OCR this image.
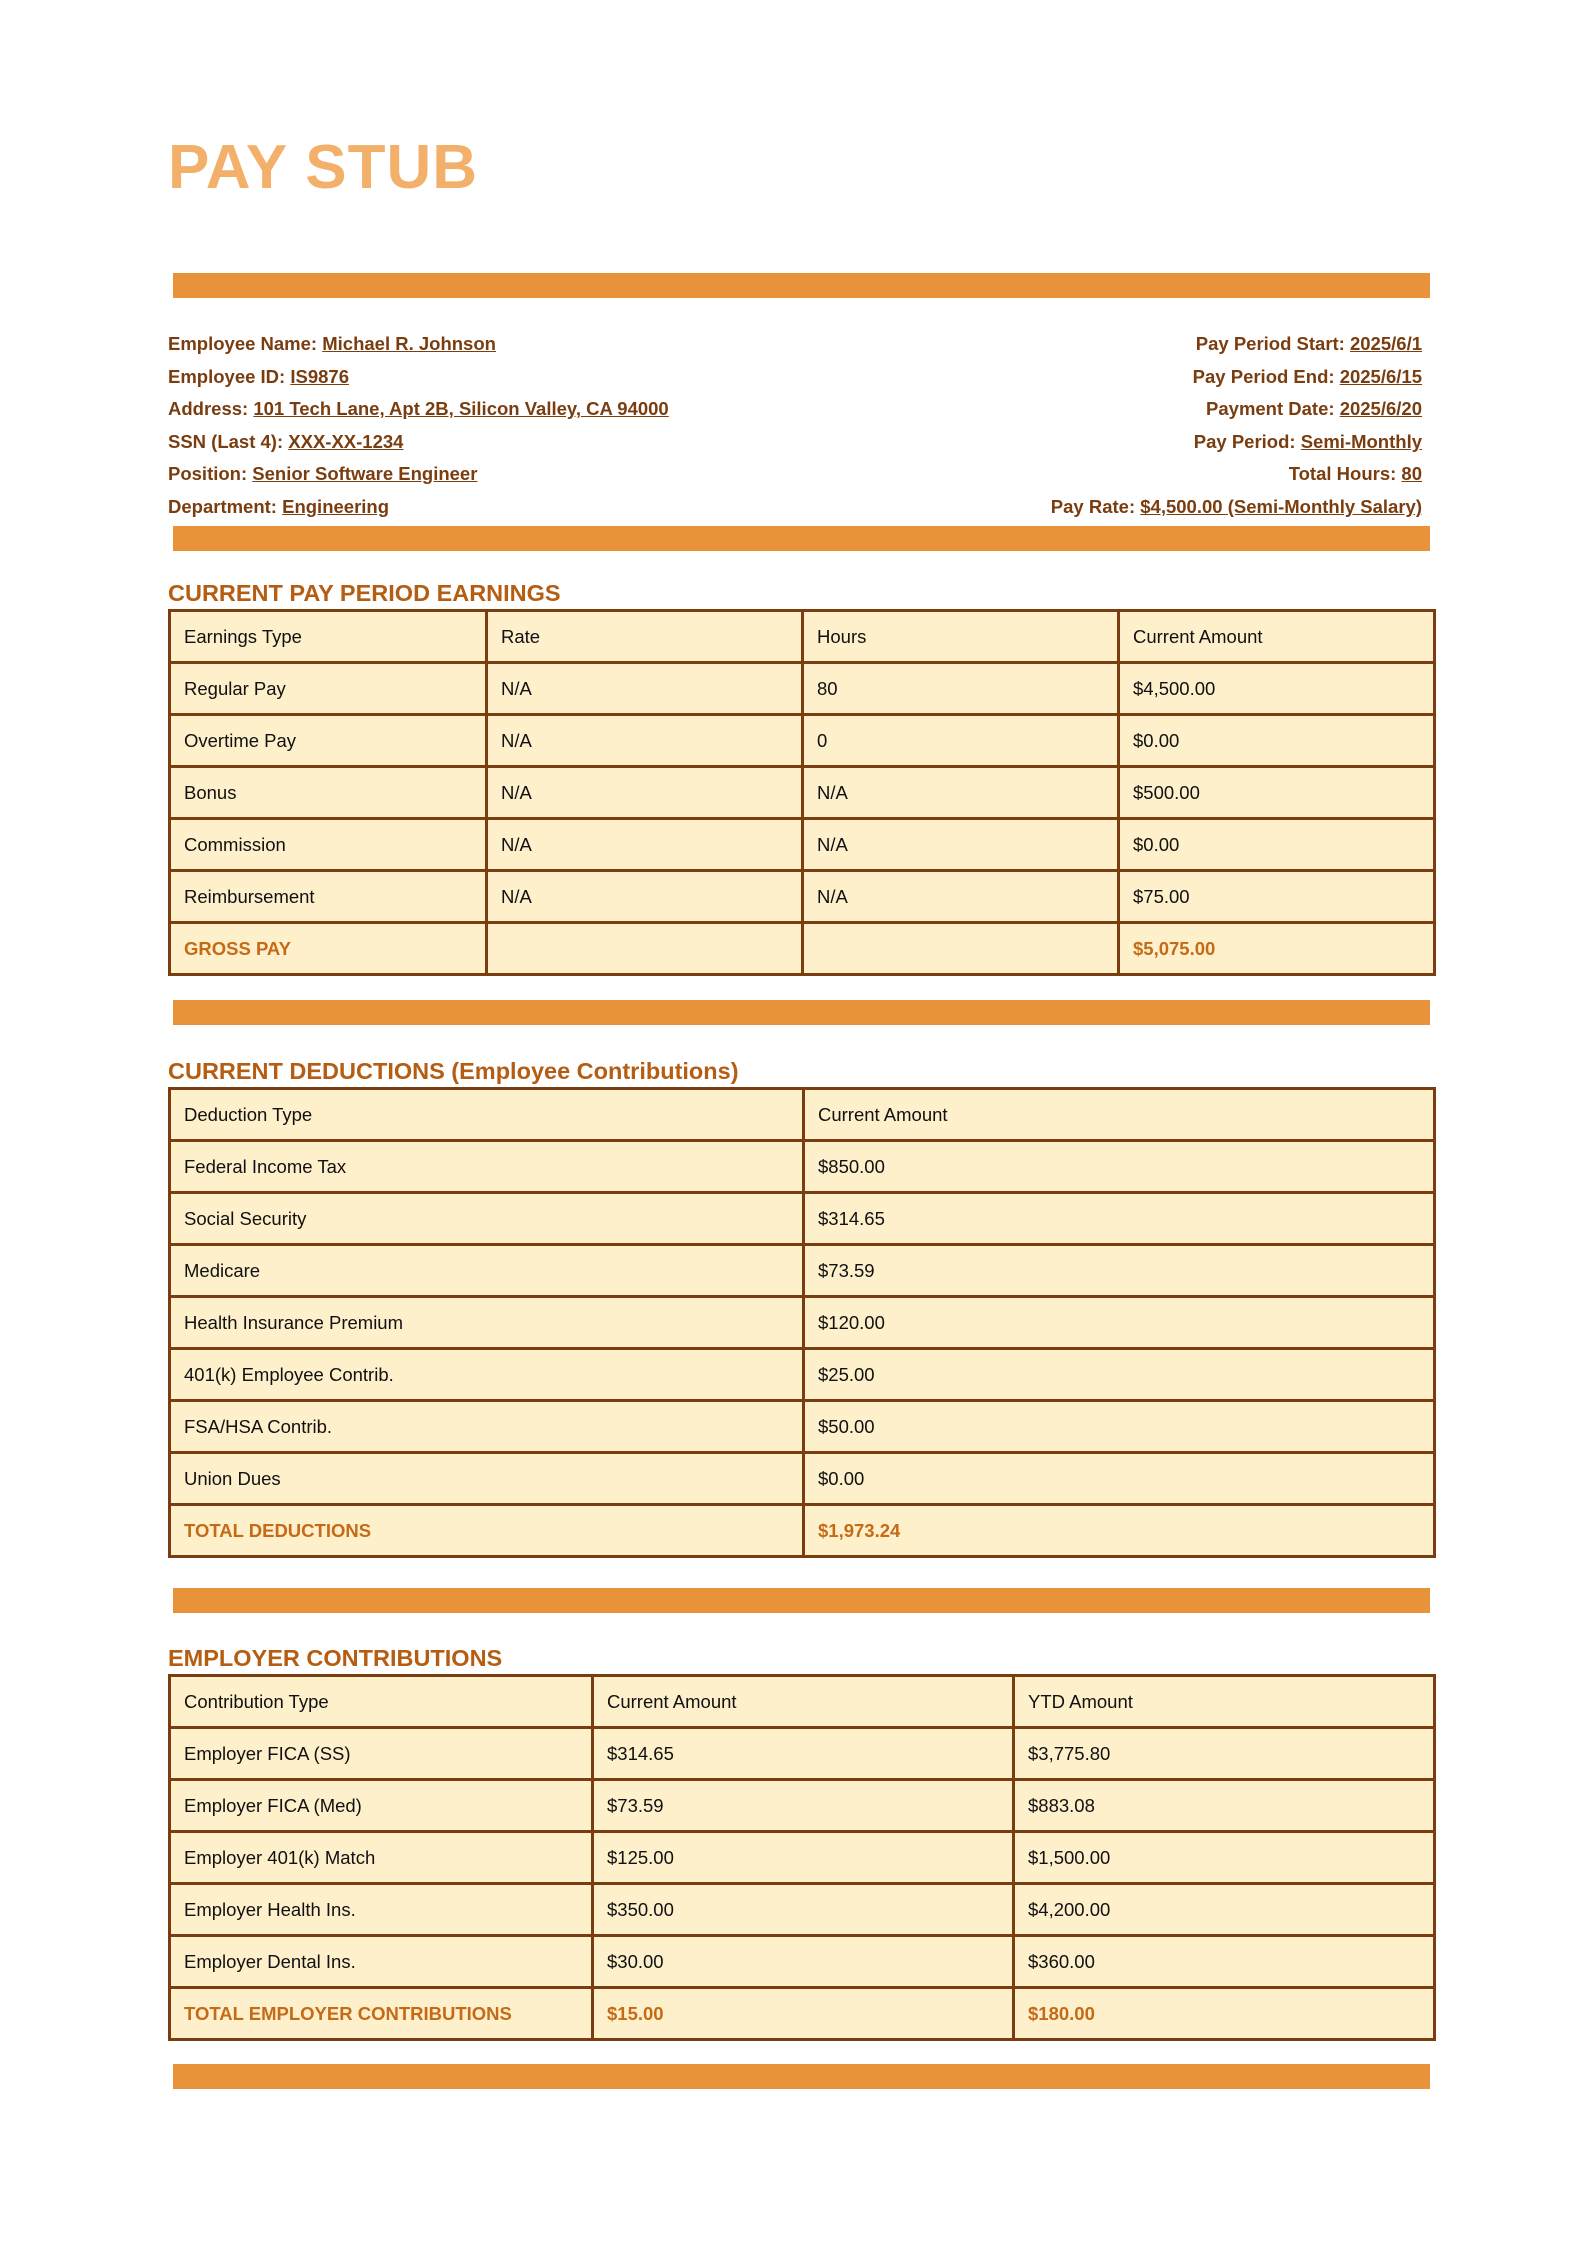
PAY STUB
Employee Name: Michael R. Johnson
Employee ID: IS9876
Address: 101 Tech Lane, Apt 2B, Silicon Valley, CA 94000
SSN (Last 4): XXX-XX-1234
Position: Senior Software Engineer
Department: Engineering
Pay Period Start: 2025/6/1
Pay Period End: 2025/6/15
Payment Date: 2025/6/20
Pay Period: Semi-Monthly
Total Hours: 80
Pay Rate: $4,500.00 (Semi-Monthly Salary)
CURRENT PAY PERIOD EARNINGS
Earnings Type	Rate	Hours	Current Amount
Regular Pay	N/A	80	$4,500.00
Overtime Pay	N/A	0	$0.00
Bonus	N/A	N/A	$500.00
Commission	N/A	N/A	$0.00
Reimbursement	N/A	N/A	$75.00
GROSS PAY			$5,075.00
CURRENT DEDUCTIONS (Employee Contributions)
Deduction Type	Current Amount
Federal Income Tax	$850.00
Social Security	$314.65
Medicare	$73.59
Health Insurance Premium	$120.00
401(k) Employee Contrib.	$25.00
FSA/HSA Contrib.	$50.00
Union Dues	$0.00
TOTAL DEDUCTIONS	$1,973.24
EMPLOYER CONTRIBUTIONS
Contribution Type	Current Amount	YTD Amount
Employer FICA (SS)	$314.65	$3,775.80
Employer FICA (Med)	$73.59	$883.08
Employer 401(k) Match	$125.00	$1,500.00
Employer Health Ins.	$350.00	$4,200.00
Employer Dental Ins.	$30.00	$360.00
TOTAL EMPLOYER CONTRIBUTIONS	$15.00	$180.00
